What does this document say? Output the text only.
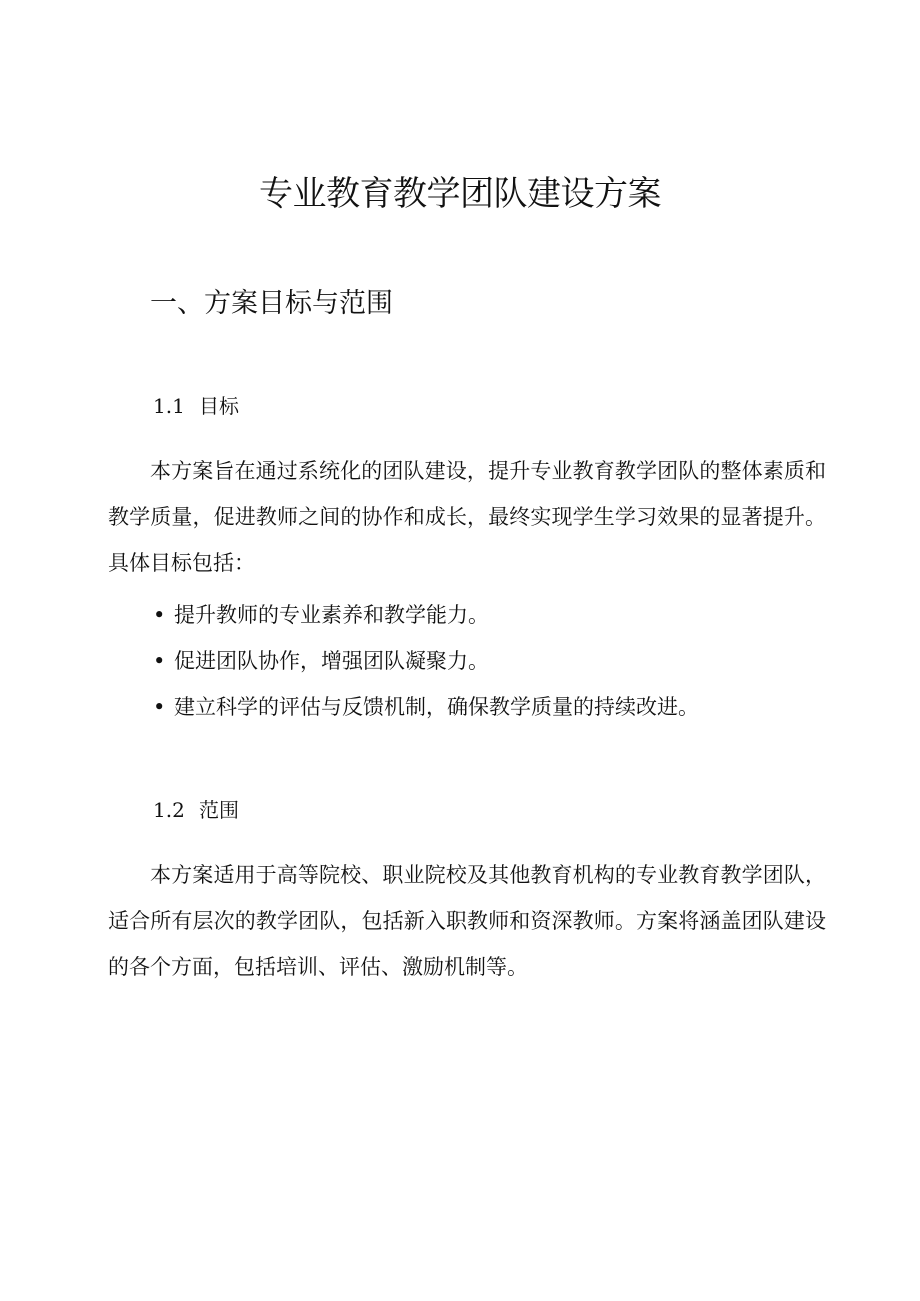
专业教育教学团队建设方案
一、方案目标与范围
1.1 目标

本方案旨在通过系统化的团队建设，提升专业教育教学团队的整体素质和教学质量，促进教师之间的协作和成长，最终实现学生学习效果的显著提升。具体目标包括：

• 提升教师的专业素养和教学能力。
• 促进团队协作，增强团队凝聚力。
• 建立科学的评估与反馈机制，确保教学质量的持续改进。
1.2 范围

本方案适用于高等院校、职业院校及其他教育机构的专业教育教学团队，适合所有层次的教学团队，包括新入职教师和资深教师。方案将涵盖团队建设的各个方面，包括培训、评估、激励机制等。
